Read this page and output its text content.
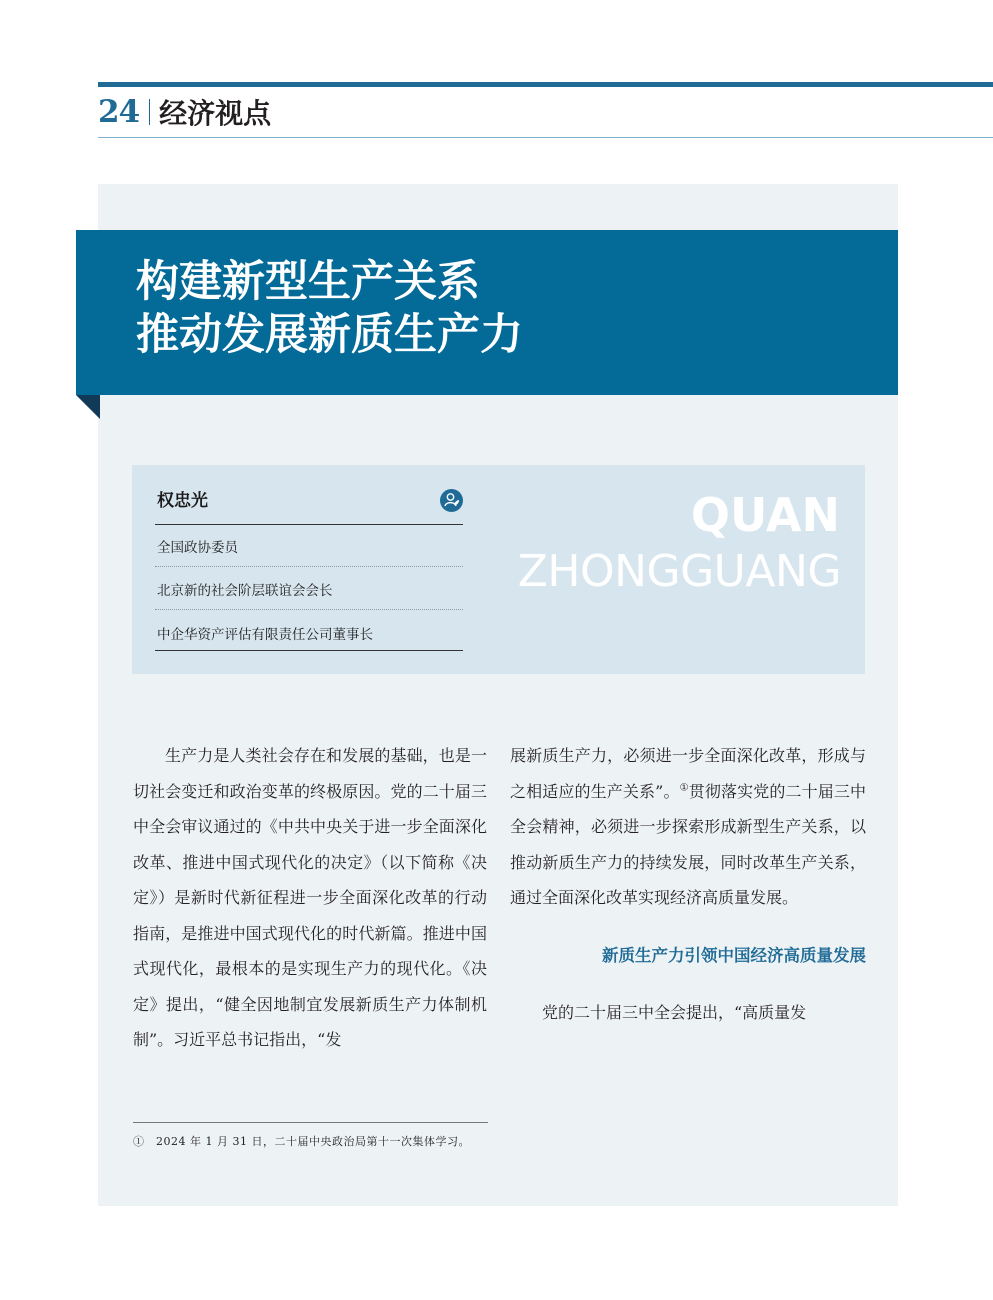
24 经济视点
构建新型生产关系
推动发展新质生产力
权忠光
全国政协委员
北京新的社会阶层联谊会会长
中企华资产评估有限责任公司董事长
QUAN
ZHONGGUANG

生产力是人类社会存在和发展的基础，也是一切社会变迁和政治变革的终极原因。党的二十届三中全会审议通过的《中共中央关于进一步全面深化改革、推进中国式现代化的决定》（以下简称《决定》）是新时代新征程进一步全面深化改革的行动指南，是推进中国式现代化的时代新篇。推进中国式现代化，最根本的是实现生产力的现代化。《决定》提出，“健全因地制宜发展新质生产力体制机制”。习近平总书记指出，“发

展新质生产力，必须进一步全面深化改革，形成与之相适应的生产关系”。①贯彻落实党的二十届三中全会精神，必须进一步探索形成新型生产关系，以推动新质生产力的持续发展，同时改革生产关系，通过全面深化改革实现经济高质量发展。

新质生产力引领中国经济高质量发展

党的二十届三中全会提出，“高质量发

①　2024 年 1 月 31 日，二十届中央政治局第十一次集体学习。
